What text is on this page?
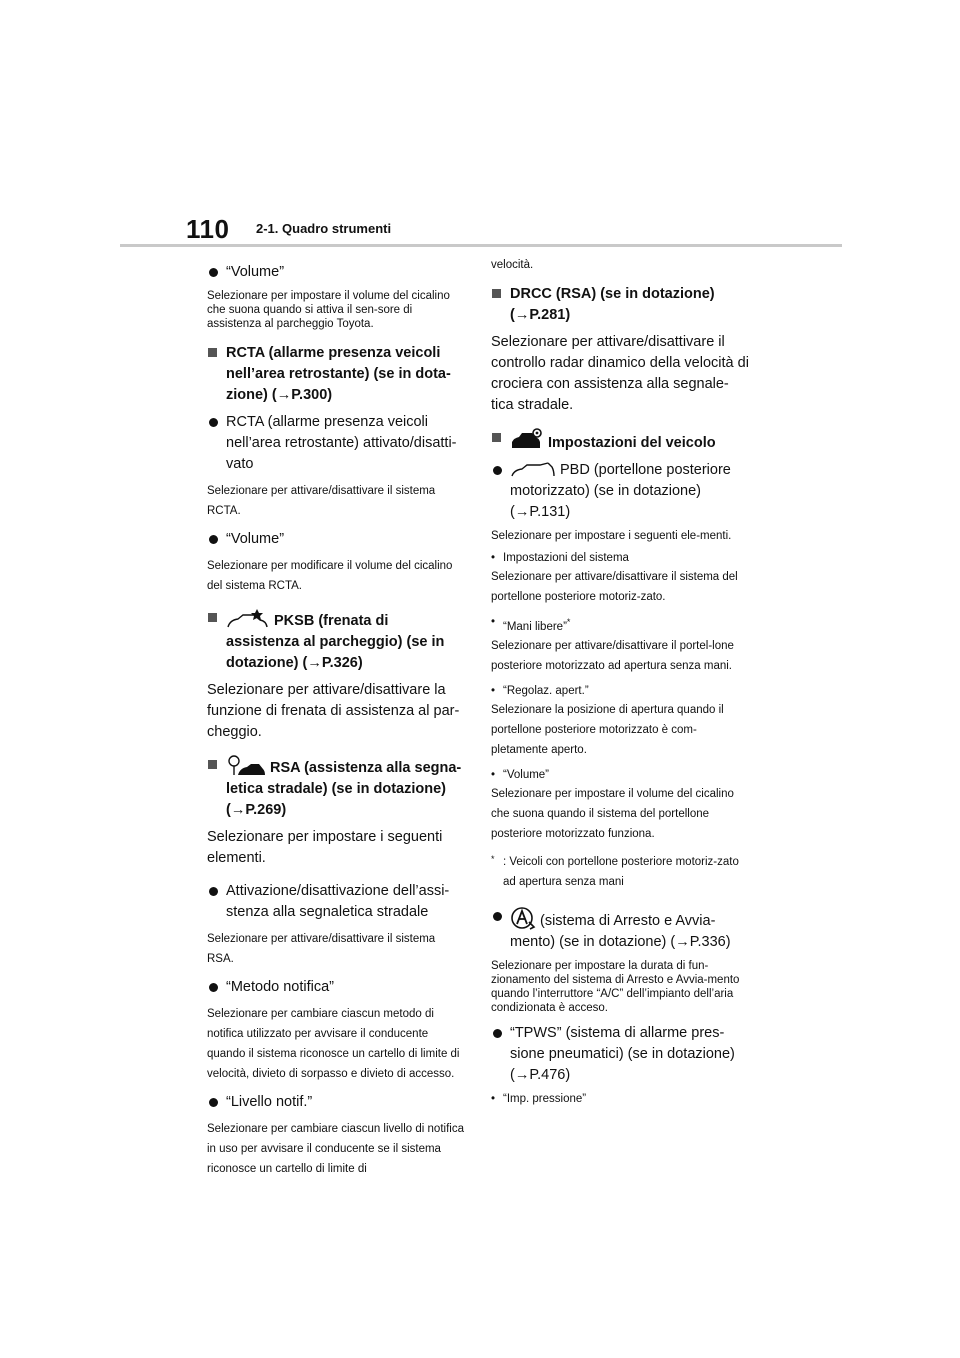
110 2-1. Quadro strumenti
“Volume”
Selezionare per impostare il volume del cicalino che suona quando si attiva il sen-sore di assistenza al parcheggio Toyota.
RCTA (allarme presenza veicoli nell’area retrostante) (se in dota-zione) (→P.300)
RCTA (allarme presenza veicoli nell’area retrostante) attivato/disatti-vato
Selezionare per attivare/disattivare il sistema RCTA.
“Volume”
Selezionare per modificare il volume del cicalino del sistema RCTA.
PKSB (frenata di assistenza al parcheggio) (se in dotazione) (→P.326)
Selezionare per attivare/disattivare la funzione di frenata di assistenza al par-cheggio.
RSA (assistenza alla segna-letica stradale) (se in dotazione) (→P.269)
Selezionare per impostare i seguenti elementi.
Attivazione/disattivazione dell’assi-stenza alla segnaletica stradale
Selezionare per attivare/disattivare il sistema RSA.
“Metodo notifica”
Selezionare per cambiare ciascun metodo di notifica utilizzato per avvisare il conducente quando il sistema riconosce un cartello di limite di velocità, divieto di sorpasso e divieto di accesso.
“Livello notif.”
Selezionare per cambiare ciascun livello di notifica in uso per avvisare il conducente se il sistema riconosce un cartello di limite di
velocità.
DRCC (RSA) (se in dotazione) (→P.281)
Selezionare per attivare/disattivare il controllo radar dinamico della velocità di crociera con assistenza alla segnale-tica stradale.
Impostazioni del veicolo
PBD (portellone posteriore motorizzato) (se in dotazione) (→P.131)
Selezionare per impostare i seguenti ele-menti.
• Impostazioni del sistema
Selezionare per attivare/disattivare il sistema del portellone posteriore motoriz-zato.
• “Mani libere”*
Selezionare per attivare/disattivare il portel-lone posteriore motorizzato ad apertura senza mani.
• “Regolaz. apert.”
Selezionare la posizione di apertura quando il portellone posteriore motorizzato è com-pletamente aperto.
• “Volume”
Selezionare per impostare il volume del cicalino che suona quando il sistema del portellone posteriore motorizzato funziona.
* : Veicoli con portellone posteriore motoriz-zato ad apertura senza mani
(sistema di Arresto e Avvia-mento) (se in dotazione) (→P.336)
Selezionare per impostare la durata di fun-zionamento del sistema di Arresto e Avvia-mento quando l’interruttore “A/C” dell’impianto dell’aria condizionata è acceso.
“TPWS” (sistema di allarme pres-sione pneumatici) (se in dotazione) (→P.476)
• “Imp. pressione”
